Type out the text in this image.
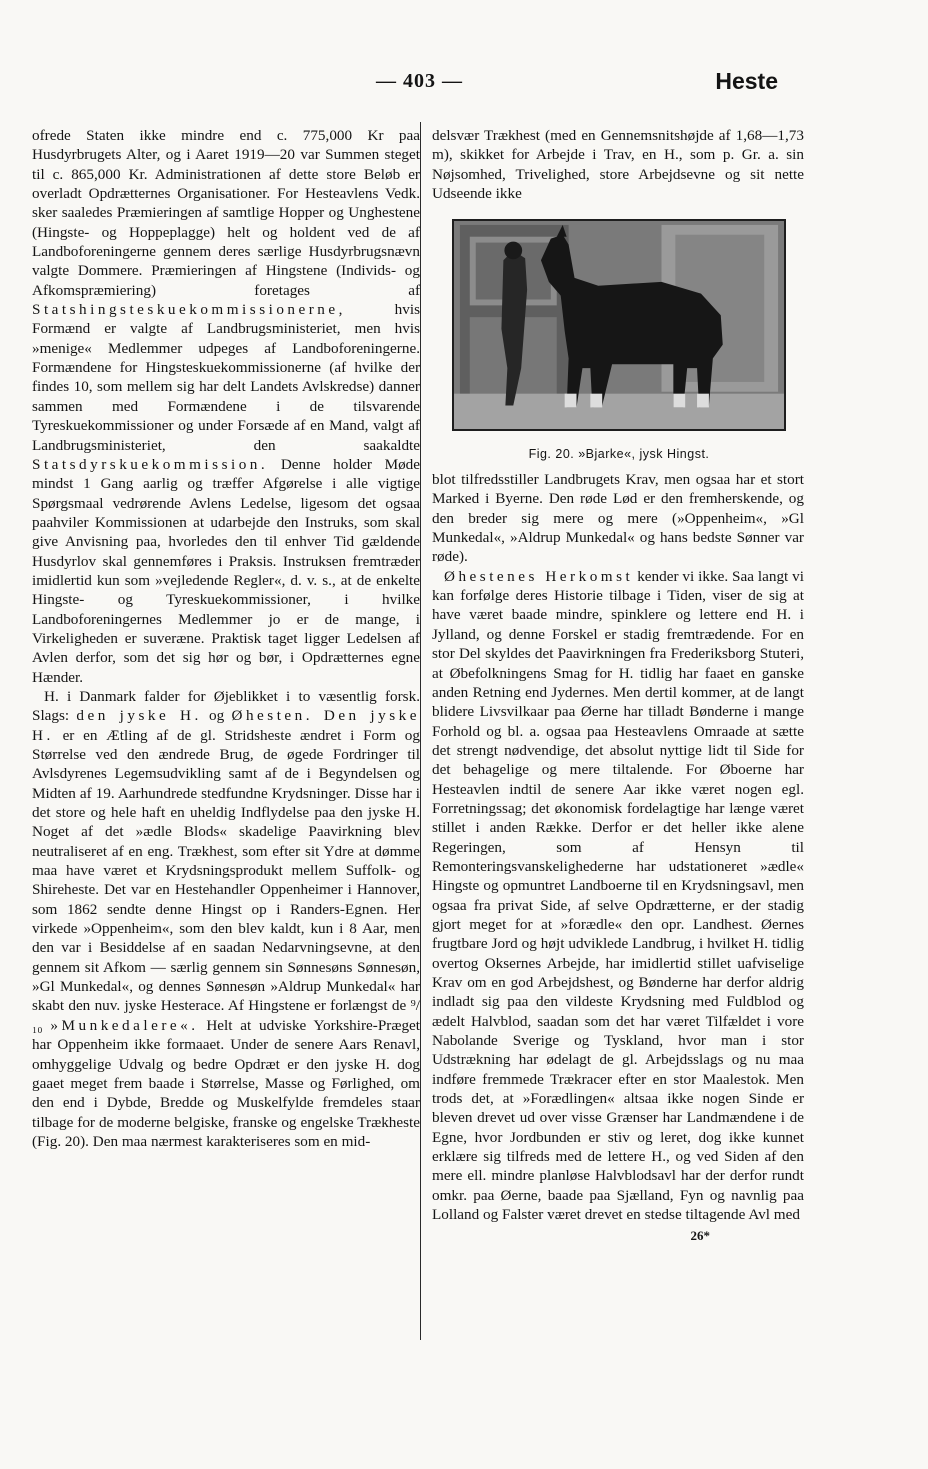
— 403 —	Heste

ofrede Staten ikke mindre end c. 775,000 Kr paa Husdyrbrugets Alter, og i Aaret 1919—20 var Summen steget til c. 865,000 Kr. Administrationen af dette store Beløb er overladt Opdrætternes Organisationer. For Hesteavlens Vedk. sker saaledes Præmieringen af samtlige Hopper og Unghestene (Hingste- og Hoppeplagge) helt og holdent ved de af Landboforeningerne gennem deres særlige Husdyrbrugsnævn valgte Dommere. Præmieringen af Hingstene (Individs- og Afkomspræmiering) foretages af Statshingsteskuekommissionerne,	hvis Formænd er valgte af Landbrugsministeriet, men hvis »menige« Medlemmer udpeges af Landboforeningerne. Formændene for Hingsteskuekommissionerne (af hvilke der findes 10, som mellem sig har delt Landets Avlskredse) danner sammen med Formændene i de tilsvarende Tyreskuekommissioner og under Forsæde af en Mand, valgt af Landbrugsministeriet, den saakaldte Statsdyrskuekommission. Denne holder Møde mindst 1 Gang aarlig og træffer Afgørelse i alle vigtige Spørgsmaal vedrørende Avlens Ledelse, ligesom det ogsaa paahviler Kommissionen at udarbejde den Instruks, som skal give Anvisning paa, hvorledes den til enhver Tid gældende Husdyrlov skal gennemføres i Praksis. Instruksen fremtræder imidlertid kun som »vejledende Regler«, d. v. s., at de enkelte Hingste- og Tyreskuekommissioner, i hvilke Landboforeningernes Medlemmer jo er de mange, i Virkeligheden er suveræne. Praktisk taget ligger Ledelsen af Avlen derfor, som det sig hør og bør, i Opdrætternes egne Hænder.

H. i Danmark falder for Øjeblikket i to væsentlig forsk. Slags: den jyske H. og Øhesten. Den jyske H. er en Ætling af de gl. Stridsheste ændret i Form og Størrelse ved den ændrede Brug, de øgede Fordringer til Avlsdyrenes Legemsudvikling samt af de i Begyndelsen og Midten af 19. Aarhundrede stedfundne Krydsninger. Disse har i det store og hele haft en uheldig Indflydelse paa den jyske H. Noget af det »ædle Blods« skadelige Paavirkning blev neutraliseret af en eng. Trækhest, som efter sit Ydre at dømme maa have været et Krydsningsprodukt mellem Suffolk- og Shireheste. Det var en Hestehandler Oppenheimer i Hannover, som 1862 sendte denne Hingst op i Randers-Egnen. Her virkede »Oppenheim«, som den blev kaldt, kun i 8 Aar, men den var i Besiddelse af en saadan Nedarvningsevne, at den gennem sit Afkom — særlig gennem sin Sønnesøns Sønnesøn, »Gl Munkedal«, og dennes Sønnesøn »Aldrup Munkedal« har skabt den nuv. jyske Hesterace. Af Hingstene er forlængst de ⁹/₁₀ »Munkedalere«. Helt at udviske Yorkshire-Præget har Oppenheim ikke formaaet. Under de senere Aars Renavl, omhyggelige Udvalg og bedre Opdræt er den jyske H. dog gaaet meget frem baade i Størrelse, Masse og Førlighed, om den end i Dybde, Bredde og Muskelfylde fremdeles staar tilbage for de moderne belgiske, franske og engelske Trækheste (Fig. 20). Den maa nærmest karakteriseres som en mid-

delsvær Trækhest (med en Gennemsnitshøjde af 1,68—1,73 m), skikket for Arbejde i Trav, en H., som p. Gr. a. sin Nøjsomhed, Trivelighed, store Arbejdsevne og sit nette Udseende ikke

Fig. 20. »Bjarke«, jysk Hingst.

blot tilfredsstiller Landbrugets Krav, men ogsaa har et stort Marked i Byerne. Den røde Lød er den fremherskende, og den breder sig mere og mere (»Oppenheim«, »Gl Munkedal«, »Aldrup Munkedal« og hans bedste Sønner var røde).

Øhestenes Herkomst kender vi ikke. Saa langt vi kan forfølge deres Historie tilbage i Tiden, viser de sig at have været baade mindre, spinklere og lettere end H. i Jylland, og denne Forskel er stadig fremtrædende. For en stor Del skyldes det Paavirkningen fra Frederiksborg Stuteri, at Øbefolkningens Smag for H. tidlig har faaet en ganske anden Retning end Jydernes. Men dertil kommer, at de langt blidere Livsvilkaar paa Øerne har tilladt Bønderne i mange Forhold og bl. a. ogsaa paa Hesteavlens Omraade at sætte det strengt nødvendige, det absolut nyttige lidt til Side for det behagelige og mere tiltalende. For Øboerne har Hesteavlen indtil de senere Aar ikke været nogen egl. Forretningssag; det økonomisk fordelagtige har længe været stillet i anden Række. Derfor er det heller ikke alene Regeringen, som af Hensyn til Remonteringsvanskelighederne har udstationeret »ædle« Hingste og opmuntret Landboerne til en Krydsningsavl, men ogsaa fra privat Side, af selve Opdrætterne, er der stadig gjort meget for at »forædle« den opr. Landhest. Øernes frugtbare Jord og højt udviklede Landbrug, i hvilket H. tidlig overtog Oksernes Arbejde, har imidlertid stillet uafviselige Krav om en god Arbejdshest, og Bønderne har derfor aldrig indladt sig paa den vildeste Krydsning med Fuldblod og ædelt Halvblod, saadan som det har været Tilfældet i vore Nabolande Sverige og Tyskland, hvor man i stor Udstrækning har ødelagt de gl. Arbejdsslags og nu maa indføre fremmede Trækracer efter en stor Maalestok. Men trods det, at »Forædlingen« altsaa ikke nogen Sinde er bleven drevet ud over visse Grænser har Landmændene i de Egne, hvor Jordbunden er stiv og leret, dog ikke kunnet erklære sig tilfreds med de lettere H., og ved Siden af den mere ell. mindre planløse Halvblodsavl har der derfor rundt omkr. paa Øerne, baade paa Sjælland, Fyn og navnlig paa Lolland og Falster været drevet en stedse tiltagende Avl med

26*
